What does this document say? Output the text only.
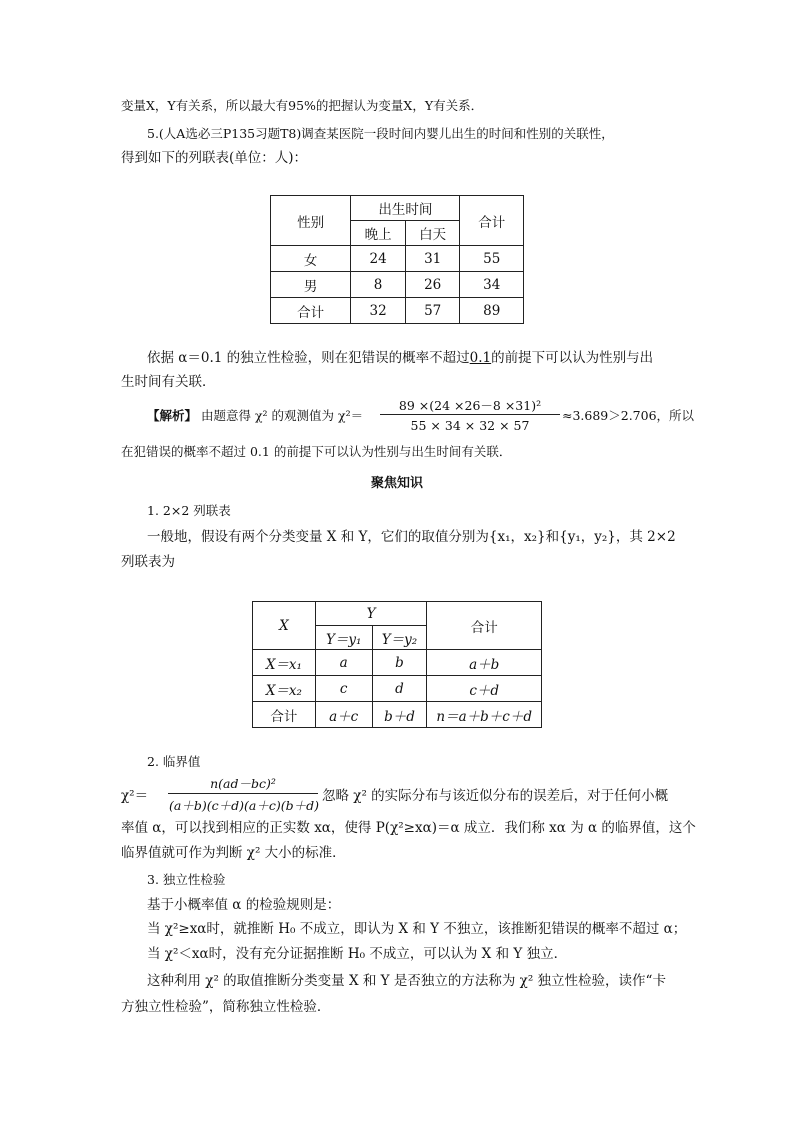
变量X，Y有关系，所以最大有95%的把握认为变量X，Y有关系．
5.(人A选必三P135习题T8)调查某医院一段时间内婴儿出生的时间和性别的关联性，
得到如下的列联表(单位：人)：
性别	出生时间		合计
	晚上	白天	
女	24	31	55
男	8	26	34
合计	32	57	89
依据 α＝0.1 的独立性检验，则在犯错误的概率不超过0.1的前提下可以认为性别与出
生时间有关联．
【解析】 由题意得 χ² 的观测值为 χ²＝
89 ×(24 ×26－8 ×31)²
55 × 34 × 32 × 57
≈3.689＞2.706，所以
在犯错误的概率不超过 0.1 的前提下可以认为性别与出生时间有关联．
聚焦知识
1. 2×2 列联表
一般地，假设有两个分类变量 X 和 Y，它们的取值分别为{x₁，x₂}和{y₁，y₂}，其 2×2
列联表为
X	Y		合计
	Y＝y₁	Y＝y₂	
X＝x₁	a	b	a＋b
X＝x₂	c	d	c＋d
合计	a＋c	b＋d	n＝a＋b＋c＋d
2. 临界值
χ²＝
n(ad－bc)²
(a＋b)(c＋d)(a＋c)(b＋d)
忽略 χ² 的实际分布与该近似分布的误差后，对于任何小概
率值 α，可以找到相应的正实数 xα，使得 P(χ²≥xα)＝α 成立．我们称 xα 为 α 的临界值，这个
临界值就可作为判断 χ² 大小的标准．
3. 独立性检验
基于小概率值 α 的检验规则是：
当 χ²≥xα时，就推断 H₀ 不成立，即认为 X 和 Y 不独立，该推断犯错误的概率不超过 α；
当 χ²＜xα时，没有充分证据推断 H₀ 不成立，可以认为 X 和 Y 独立．
这种利用 χ² 的取值推断分类变量 X 和 Y 是否独立的方法称为 χ² 独立性检验，读作“卡
方独立性检验”，简称独立性检验．
